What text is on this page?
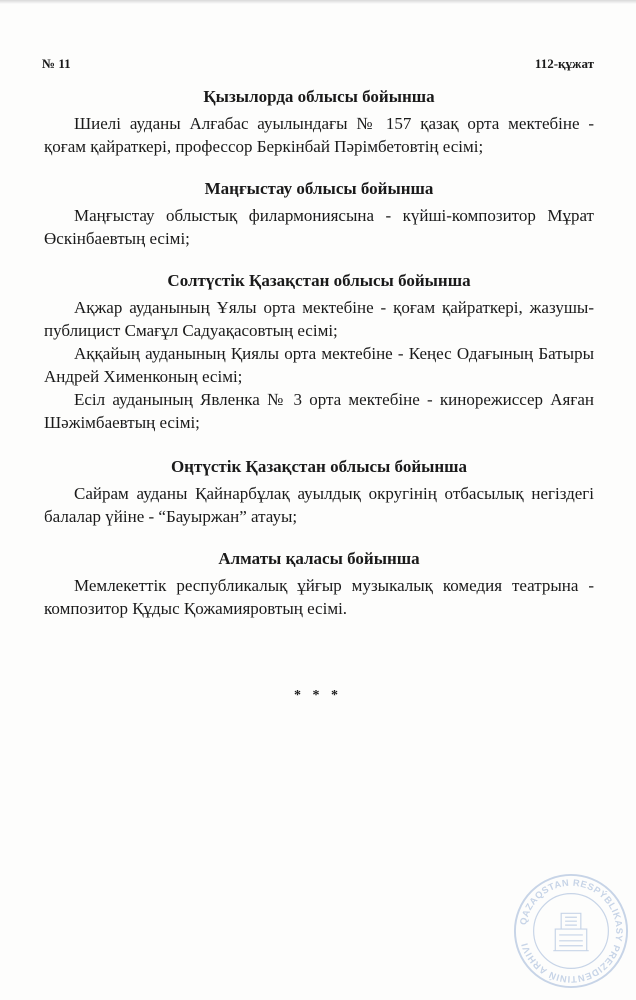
№ 11	112-құжат
Қызылорда облысы бойынша

Шиелі ауданы Алғабас ауылындағы № 157 қазақ орта мектебіне - қоғам қайраткері, профессор Беркінбай Пәрімбетовтің есімі;

Маңғыстау облысы бойынша

Маңғыстау облыстық филармониясына - күйші-композитор Мұрат Өскінбаевтың есімі;

Солтүстік Қазақстан облысы бойынша

Ақжар ауданының Ұялы орта мектебіне - қоғам қайраткері, жазушы-публицист Смағұл Садуақасовтың есімі;

Аққайың ауданының Қиялы орта мектебіне - Кеңес Одағының Батыры Андрей Хименконың есімі;

Есіл ауданының Явленка № 3 орта мектебіне - кинорежиссер Аяған Шәжімбаевтың есімі;

Оңтүстік Қазақстан облысы бойынша

Сайрам ауданы Қайнарбұлақ ауылдық округінің отбасылық негіздегі балалар үйіне - “Бауыржан” атауы;

Алматы қаласы бойынша

Мемлекеттік республикалық ұйғыр музыкалық комедия театрына - композитор Құдыс Қожамияровтың есімі.

* * *
QAZAQSTAN RESPÝBLIKASY PREZIDENTINIŃ ARHIVI
